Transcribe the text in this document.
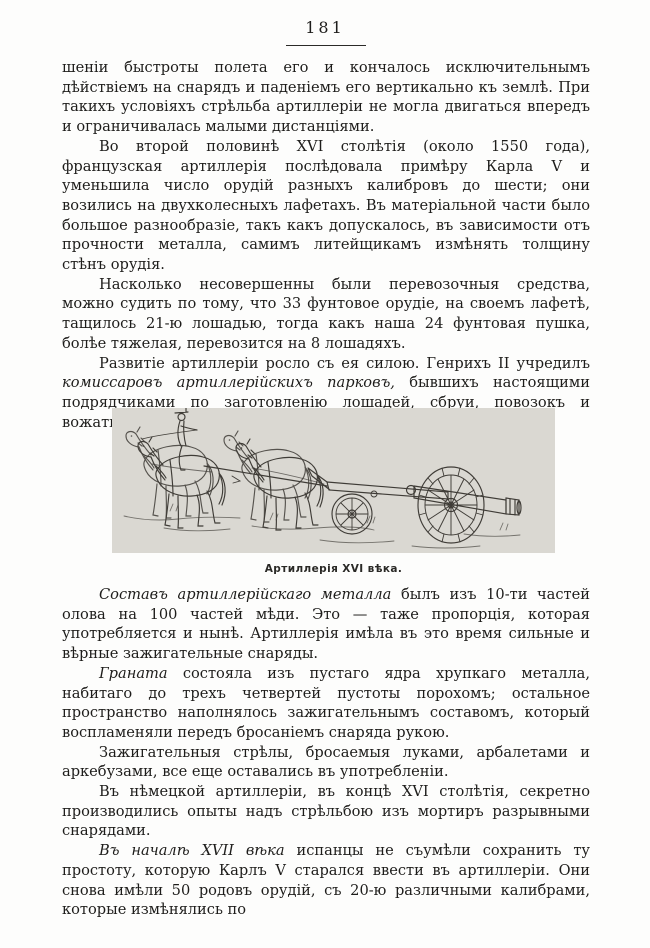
181

шеніи быстроты полета его и кончалось исключительнымъ дѣйствіемъ на снарядъ и паденіемъ его вертикально къ землѣ. При такихъ условіяхъ стрѣльба артиллеріи не могла двигаться впередъ и ограничивалась малыми дистанціями.

Во второй половинѣ XVI столѣтія (около 1550 года), французская артиллерія послѣдовала примѣру Карла V и уменьшила число орудій разныхъ калибровъ до шести; они возились на двухколесныхъ лафетахъ. Въ матеріальной части было большое разнообразіе, такъ какъ допускалось, въ зависимости отъ прочности металла, самимъ литейщикамъ измѣнять толщину стѣнъ орудія.

Насколько несовершенны были перевозочныя средства, можно судить по тому, что 33 фунтовое орудіе, на своемъ лафетѣ, тащилось 21-ю лошадью, тогда какъ наша 24 фунтовая пушка, болѣе тяжелая, перевозится на 8 лошадяхъ.

Развитіе артиллеріи росло съ ея силою. Генрихъ II учредилъ комиссаровъ артиллерійскихъ парковъ, бывшихъ настоящими подрядчиками по заготовленію лошадей, сбруи, повозокъ и вожатыхъ, необходимыхъ для передвиженія артиллеріи.

Артиллерія XVI вѣка.

Составъ артиллерійскаго металла былъ изъ 10-ти частей олова на 100 частей мѣди. Это — таже пропорція, которая употребляется и нынѣ. Артиллерія имѣла въ это время сильные и вѣрные зажигательные снаряды.

Граната состояла изъ пустаго ядра хрупкаго металла, набитаго до трехъ четвертей пустоты порохомъ; остальное пространство наполнялось зажигательнымъ составомъ, который воспламеняли передъ бросаніемъ снаряда рукою.

Зажигательныя стрѣлы, бросаемыя луками, арбалетами и аркебузами, все еще оставались въ употребленіи.

Въ нѣмецкой артиллеріи, въ концѣ XVI столѣтія, секретно производились опыты надъ стрѣльбою изъ мортиръ разрывными снарядами.

Въ началѣ XVII вѣка испанцы не съумѣли сохранить ту простоту, которую Карлъ V старался ввести въ артиллеріи. Они снова имѣли 50 родовъ орудій, съ 20-ю различными калибрами, которые измѣнялись по
